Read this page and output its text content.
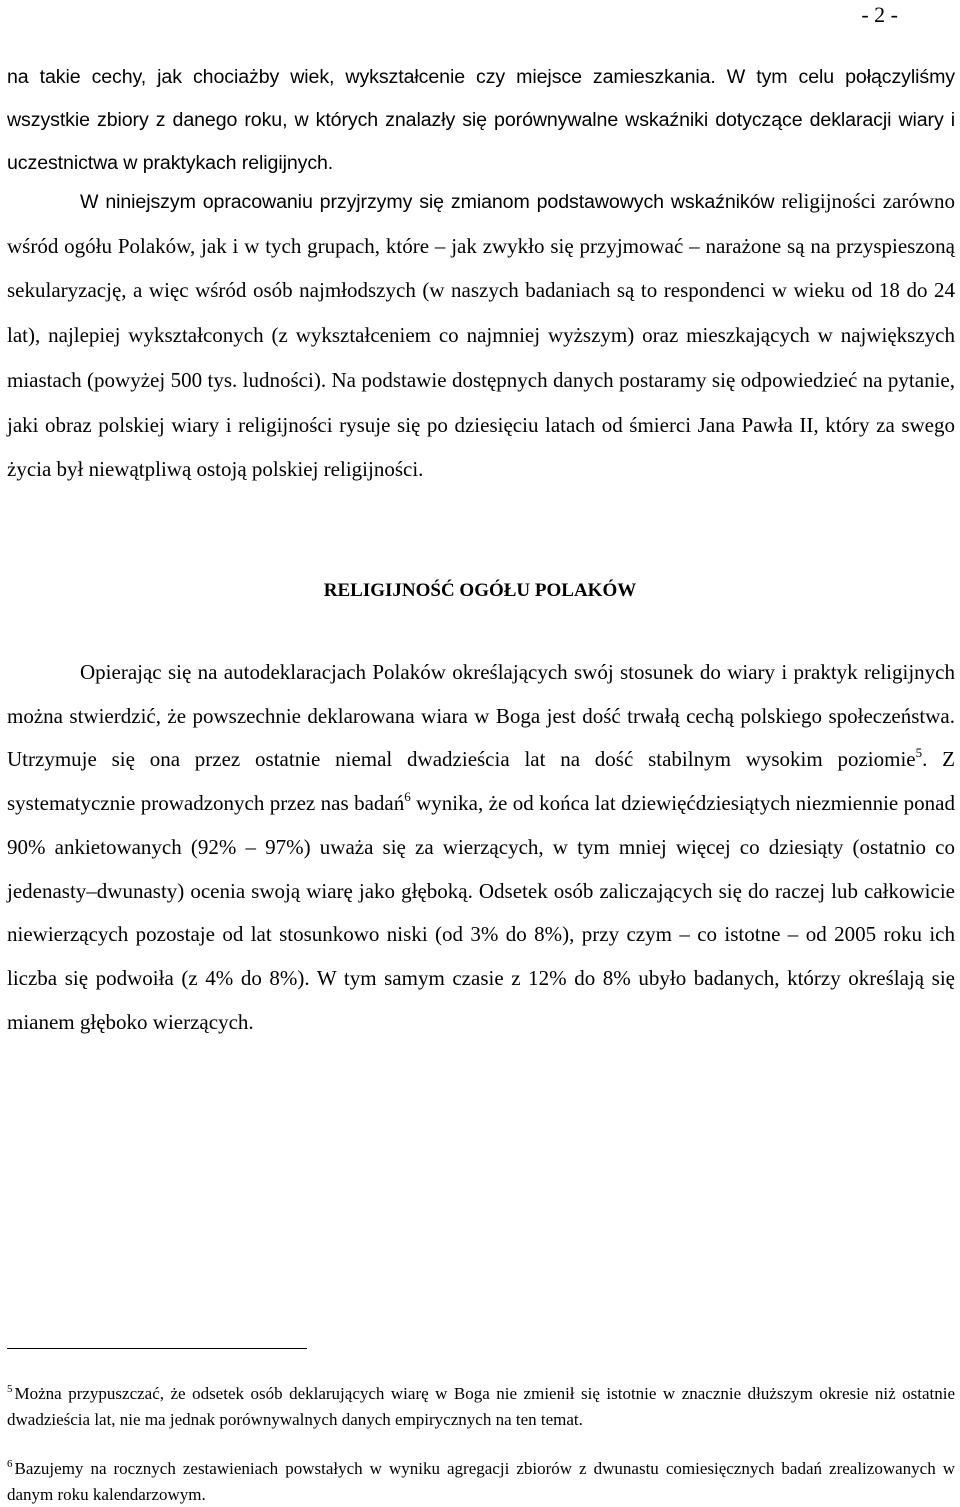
- 2 -

na takie cechy, jak chociażby wiek, wykształcenie czy miejsce zamieszkania. W tym celu połączyliśmy wszystkie zbiory z danego roku, w których znalazły się porównywalne wskaźniki dotyczące deklaracji wiary i uczestnictwa w praktykach religijnych.

W niniejszym opracowaniu przyjrzymy się zmianom podstawowych wskaźników religijności zarówno wśród ogółu Polaków, jak i w tych grupach, które – jak zwykło się przyjmować – narażone są na przyspieszoną sekularyzację, a więc wśród osób najmłodszych (w naszych badaniach są to respondenci w wieku od 18 do 24 lat), najlepiej wykształconych (z wykształceniem co najmniej wyższym) oraz mieszkających w największych miastach (powyżej 500 tys. ludności). Na podstawie dostępnych danych postaramy się odpowiedzieć na pytanie, jaki obraz polskiej wiary i religijności rysuje się po dziesięciu latach od śmierci Jana Pawła II, który za swego życia był niewątpliwą ostoją polskiej religijności.

RELIGIJNOŚĆ OGÓŁU POLAKÓW

Opierając się na autodeklaracjach Polaków określających swój stosunek do wiary i praktyk religijnych można stwierdzić, że powszechnie deklarowana wiara w Boga jest dość trwałą cechą polskiego społeczeństwa. Utrzymuje się ona przez ostatnie niemal dwadzieścia lat na dość stabilnym wysokim poziomie$^5$. Z systematycznie prowadzonych przez nas badań$^6$ wynika, że od końca lat dziewięćdziesiątych niezmiennie ponad 90% ankietowanych (92% – 97%) uważa się za wierzących, w tym mniej więcej co dziesiąty (ostatnio co jedenasty–dwunasty) ocenia swoją wiarę jako głęboką. Odsetek osób zaliczających się do raczej lub całkowicie niewierzących pozostaje od lat stosunkowo niski (od 3% do 8%), przy czym – co istotne – od 2005 roku ich liczba się podwoiła (z 4% do 8%). W tym samym czasie z 12% do 8% ubyło badanych, którzy określają się mianem głęboko wierzących.

$^5$ Można przypuszczać, że odsetek osób deklarujących wiarę w Boga nie zmienił się istotnie w znacznie dłuższym okresie niż ostatnie dwadzieścia lat, nie ma jednak porównywalnych danych empirycznych na ten temat.

$^6$ Bazujemy na rocznych zestawieniach powstałych w wyniku agregacji zbiorów z dwunastu comiesięcznych badań zrealizowanych w danym roku kalendarzowym.
